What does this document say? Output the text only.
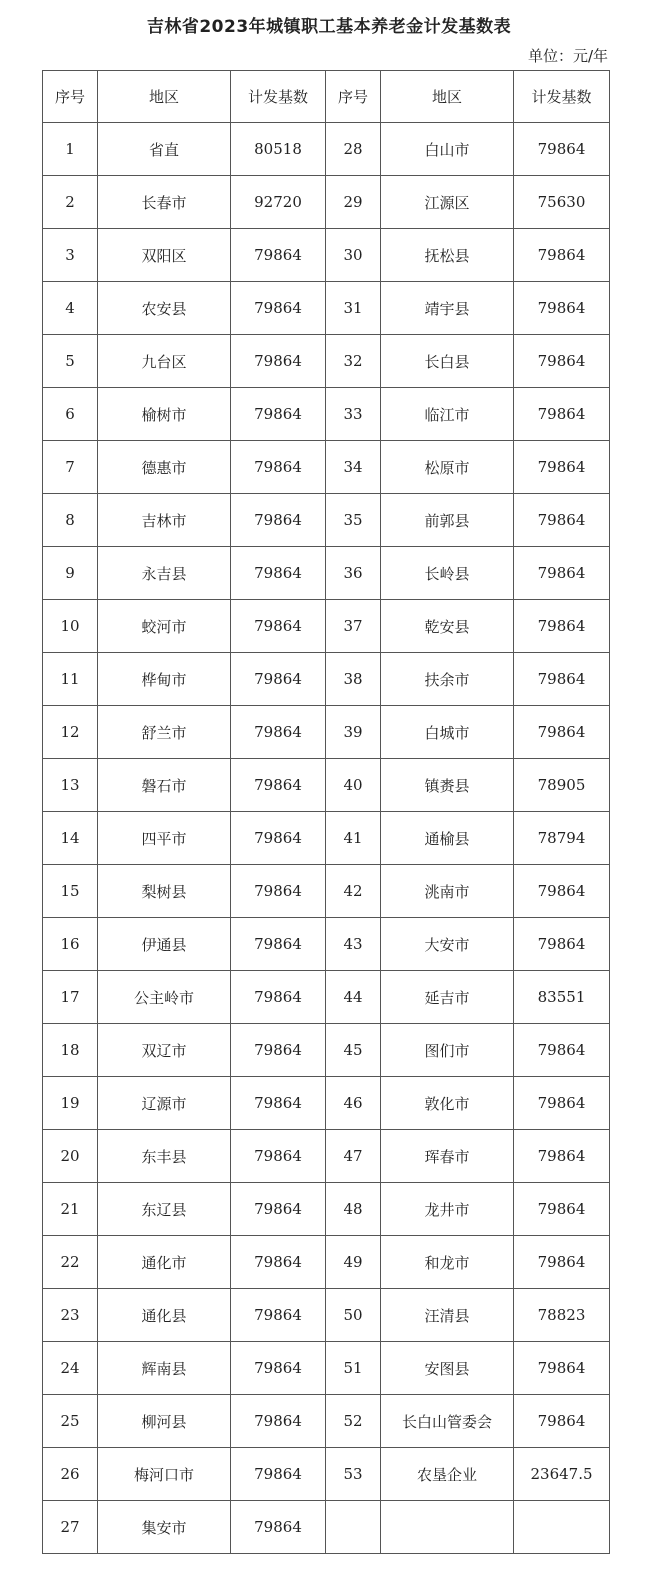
吉林省2023年城镇职工基本养老金计发基数表
单位：元/年
序号	地区	计发基数	序号	地区	计发基数
1	省直	80518	28	白山市	79864
2	长春市	92720	29	江源区	75630
3	双阳区	79864	30	抚松县	79864
4	农安县	79864	31	靖宇县	79864
5	九台区	79864	32	长白县	79864
6	榆树市	79864	33	临江市	79864
7	德惠市	79864	34	松原市	79864
8	吉林市	79864	35	前郭县	79864
9	永吉县	79864	36	长岭县	79864
10	蛟河市	79864	37	乾安县	79864
11	桦甸市	79864	38	扶余市	79864
12	舒兰市	79864	39	白城市	79864
13	磐石市	79864	40	镇赉县	78905
14	四平市	79864	41	通榆县	78794
15	梨树县	79864	42	洮南市	79864
16	伊通县	79864	43	大安市	79864
17	公主岭市	79864	44	延吉市	83551
18	双辽市	79864	45	图们市	79864
19	辽源市	79864	46	敦化市	79864
20	东丰县	79864	47	珲春市	79864
21	东辽县	79864	48	龙井市	79864
22	通化市	79864	49	和龙市	79864
23	通化县	79864	50	汪清县	78823
24	辉南县	79864	51	安图县	79864
25	柳河县	79864	52	长白山管委会	79864
26	梅河口市	79864	53	农垦企业	23647.5
27	集安市	79864			
